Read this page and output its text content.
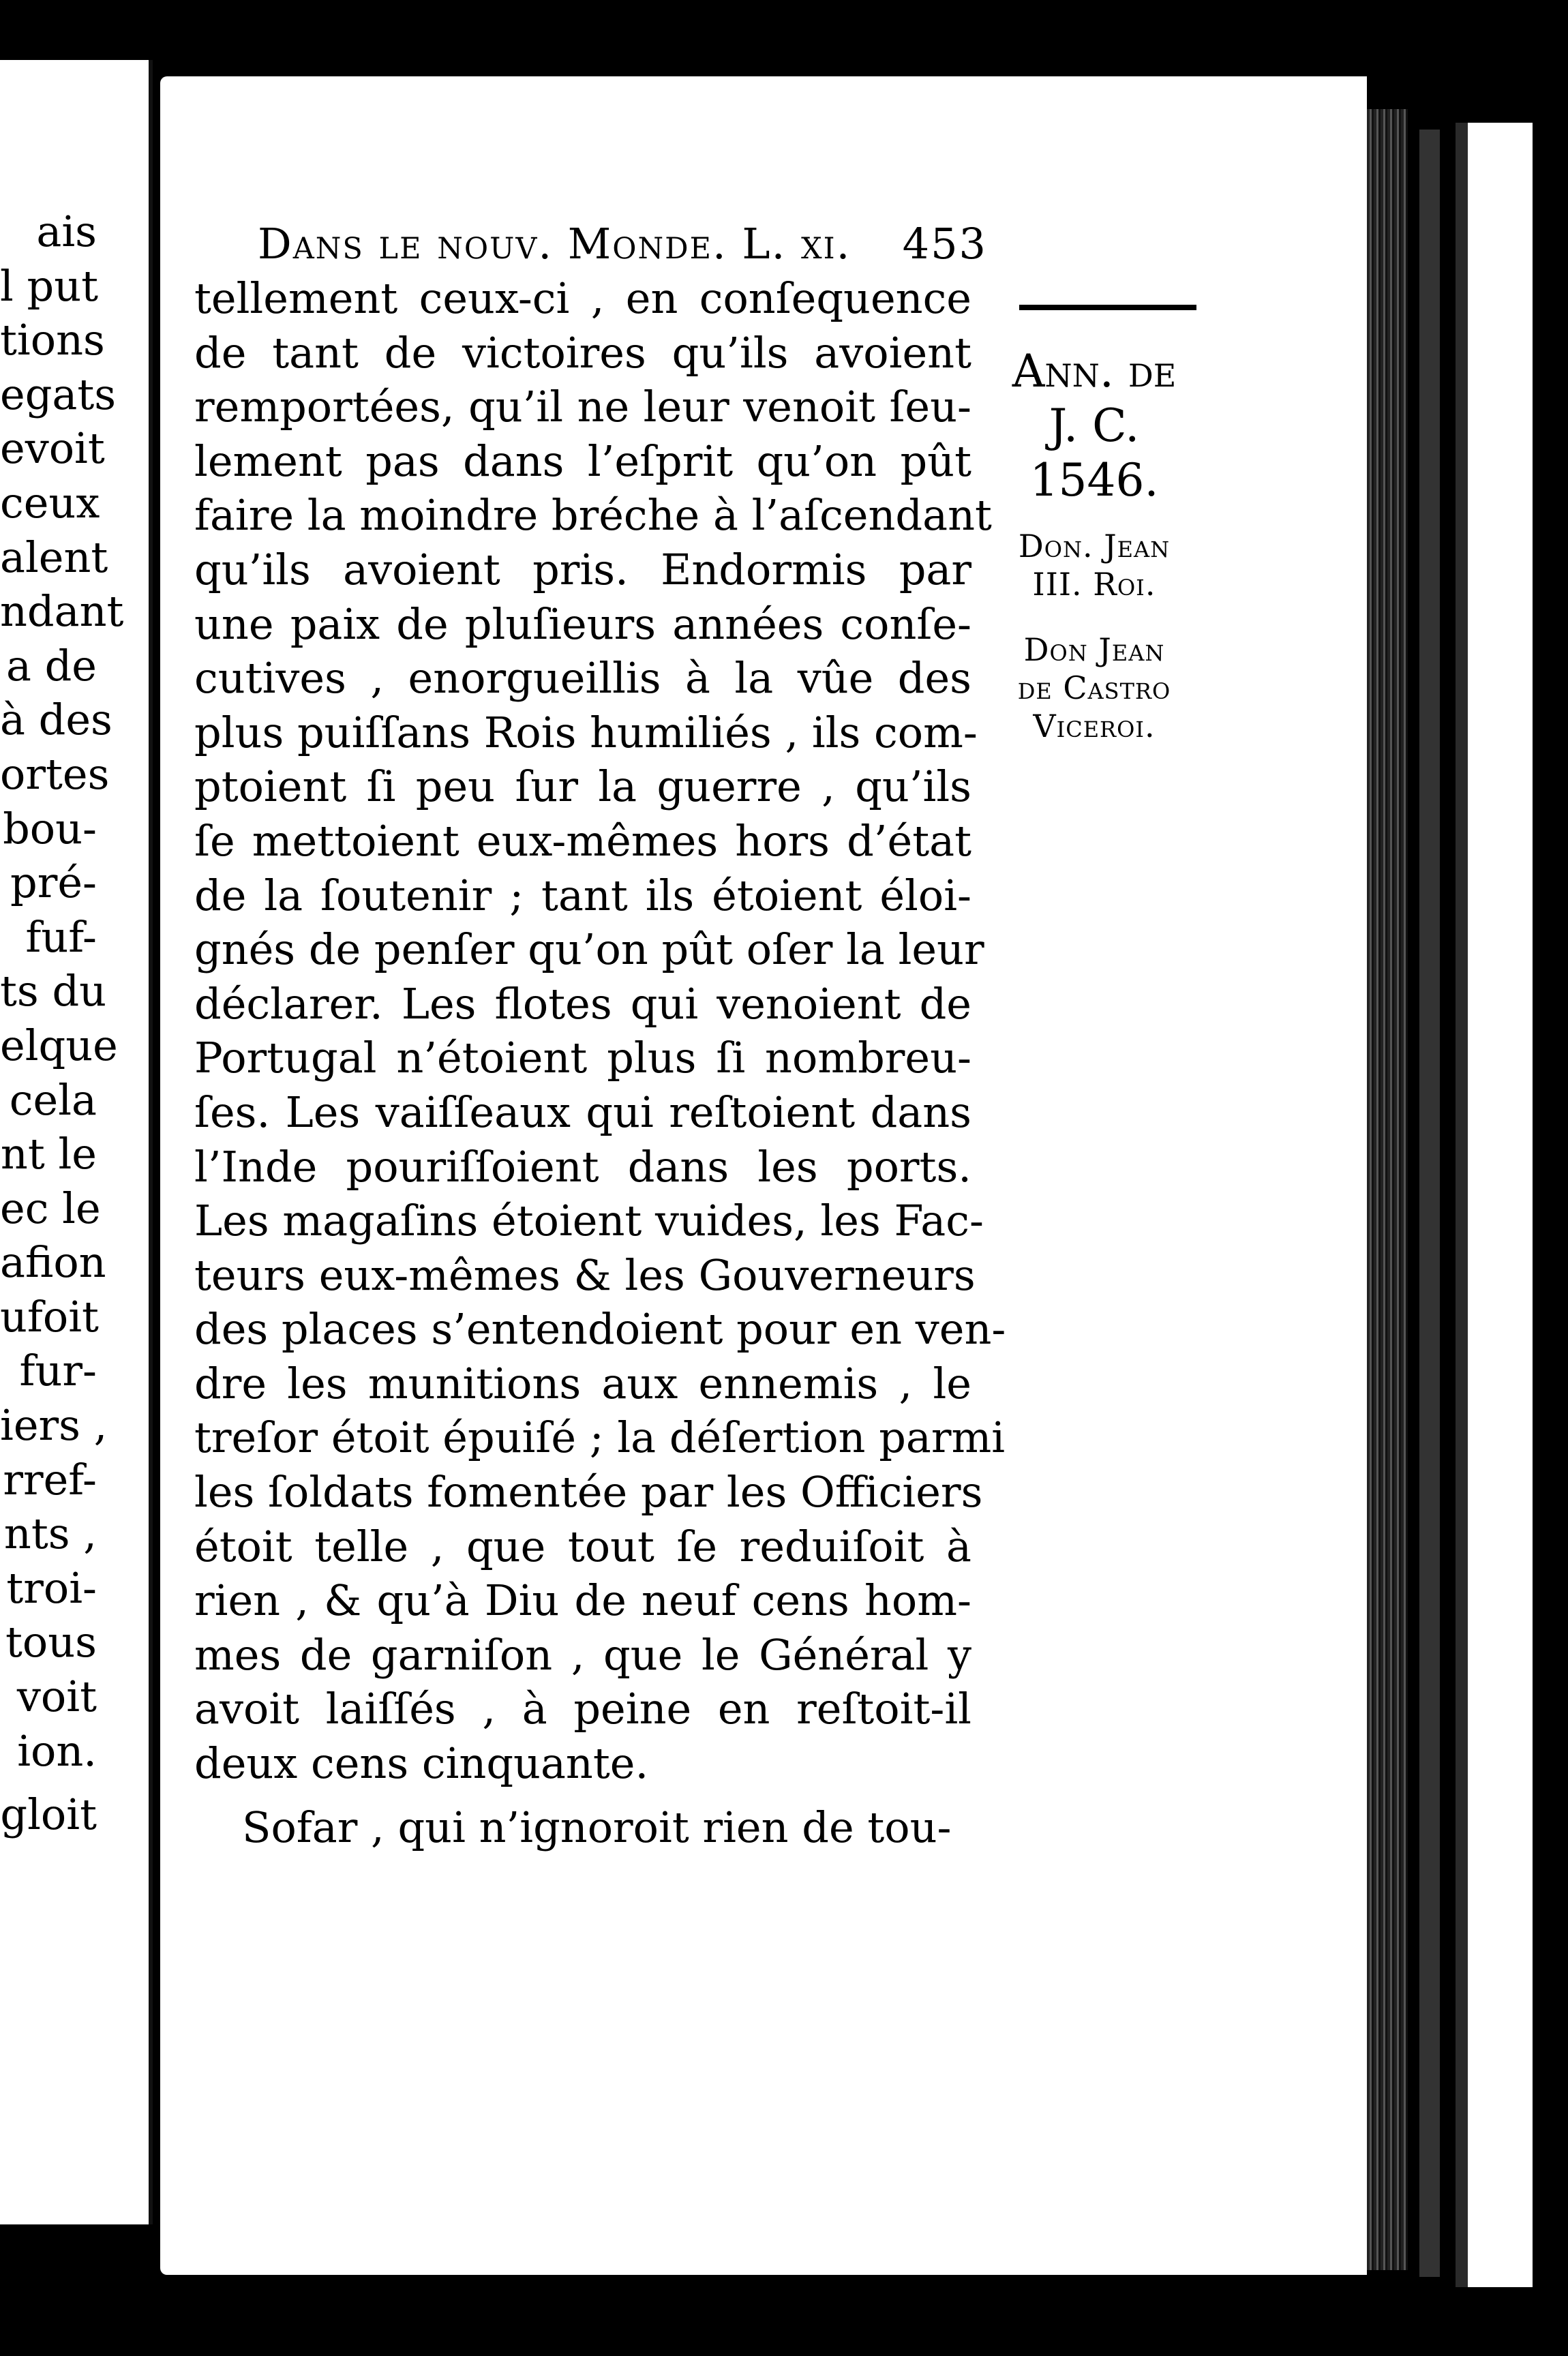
ais
l put
tions
egats
evoit
ceux
alent
ndant
a de
à des
ortes
bou-
pré-
fuf-
ts du
elque
cela
nt le
ec le
afion
ufoit
fur-
iers ,
rref-
nts ,
troi-
tous
voit
ion.
gloit
Dans le nouv. Monde. L. xi. 453
tellement ceux-ci , en conſequence
de tant de victoires qu’ils avoient
remportées, qu’il ne leur venoit ſeu-
lement pas dans l’eſprit qu’on pût
faire la moindre bréche à l’aſcendant
qu’ils avoient pris. Endormis par
une paix de pluſieurs années conſe-
cutives , enorgueillis à la vûe des
plus puiſſans Rois humiliés , ils com-
ptoient ſi peu ſur la guerre , qu’ils
ſe mettoient eux-mêmes hors d’état
de la ſoutenir ; tant ils étoient éloi-
gnés de penſer qu’on pût oſer la leur
déclarer. Les flotes qui venoient de
Portugal n’étoient plus ſi nombreu-
ſes. Les vaiſſeaux qui reſtoient dans
l’Inde pouriſſoient dans les ports.
Les magaſins étoient vuides, les Fac-
teurs eux-mêmes & les Gouverneurs
des places s’entendoient pour en ven-
dre les munitions aux ennemis , le
treſor étoit épuiſé ; la déſertion parmi
les ſoldats fomentée par les Officiers
étoit telle , que tout ſe reduiſoit à
rien , & qu’à Diu de neuf cens hom-
mes de garniſon , que le Général y
avoit laiſſés , à peine en reſtoit-il
deux cens cinquante.
Sofar , qui n’ignoroit rien de tou-
Ann. de
J. C.
1546.
Don. Jean
III. Roi.
Don Jean
de Castro
Viceroi.
